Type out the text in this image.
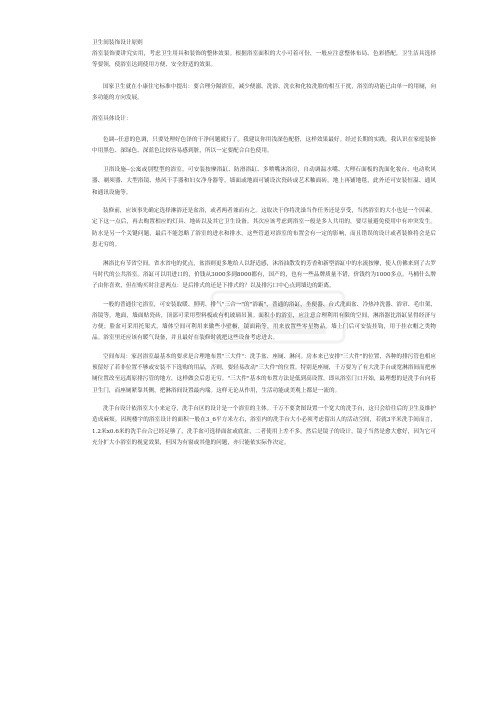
卫生间装饰设计原则

浴室装饰要讲究实用，考虑卫生用具和装饰的整体效果。根据浴室面积的大小可着可份，一般应注意整体布局、色彩搭配。卫生洁具选择等要领，使浴室达到使用方便、安全舒适的效果。

国家卫生就在小康住宅标准中提出：要合理分隔浴室，减少便溺、洗浴、洗衣和化妆洗脸的相互干扰，浴室的功能已由单一的用厕，向多功能的方向发展。

浴室具体设计：

色调--任意的色调，只要处理好色泽的干净问题就行了。我建议你用浅深色配搭，这样效果最好。经过长期的实践，我认识在家庭装修中用黑色、深绿色、深蓝色比较容易感到脏，所以一定要配合白色使用。

卫浴设施--公寓或别墅型的浴室，可安装按摩浴缸、防滑浴缸、多喷嘴沐浴房，自动调温水嘴、大理石面板的洗面化妆台、电动吹风器、剃须器、大型浴镜、热风干手器和妇女净身器等。墙面或地面可铺设次瓷砖或艺术釉面砖，地上再铺地毯，此外还可安装恒温、通风和通讯设施等。

装修前，应该事先确定选择淋浴还是盆浴，或者两者兼而有之。这取决于你将洗澡当作任务还是享受，当然浴室的大小也是一个因素。定下这一点后，再去购置相应的灯具、地砖以及其它卫生设备。其次应该考虑到浴室一般是多人共用的，要尽量避免使用中有冲突发生。防水是另一个关键问题，最后不能忽略了浴室的进水和排水，这些管道对浴室的布置会有一定的影响，而且错误的设计或者装修将会是后患无穷的。

淋浴比有节省空间，省水省电的优点，盆浴则更多地给人以舒适感，沐浴油散发的芳香和新型浴缸中的水流按摩，使人仿佛来到了古罗马时代的公共浴室。浴缸可以用进口的，价钱从3000多到8000都有，国产的，也有一些品牌质量不错，价钱约为1000多点。马桶什么牌子由你喜欢，但在购买时注意两点：是后排式的还是下排式的？以及排污口中心点到墙边的距离。

一般的普通住宅浴室，可安装取暖、照明、排气"三合一"的"浴霸"，普通的浴缸，坐便器、台式洗面盆、冷热冲洗器、浴帘、毛巾架、浴镜等。地面，墙面贴瓷砖，顶部可采用塑料板或有机玻璃吊顶。面积小的浴室，应注意合理利用有限的空间，淋浴器比浴缸显得经济与方便；脸盆可采用托架式，墙体空间可利用来做些小壁橱，镜面箱等，用来放置些零星物品。墙上门后可安装挂钩，用于挂衣帽之类物品。浴室里还应该有暖气设备，并且最好在装修时就把这些设备考虑进去。

空间布局：家居浴室最基本的要求是合理地布置"三大件"：洗手盆、座厕、淋问。房本来已安排"三大件"的位置，各种的排污管也相应预留好了若非位置不够或安装不下选购的用品，否则，要轻易改动"三大件"的位置。特别是座厕，千万要为了有大洗手台或宽淋浴间而把座厕位置改至远离原排污管的地方，这样做会后患无穷。"三大件"基本的布置方法是低到高设置。即从浴室门口开始，最理想的是洗手台向着卫生门，而座厕紧靠其侧，把淋浴间设置最内端。这样无论从作用，生活功能或美观上都是一流的。

洗手台设计依浴室大小来定夺，洗手台区的设计是一个浴室的主体。千万不要贪图设置一个宽大的洗手台，这只会给往后的卫生及维护造成麻烦。因现楼宇的浴室设计的面积一般在3_6平方米左右，浴室内的洗手台大小必须考虑留出人的活动空间，若就3平米洗手间而言，1.2米x0.6米的洗手台合已经足够了，洗手盆可选择面盆或底盆，二者使用上差不多，然后是镜子的设计，镜子当然是愈大愈好，因为它可充分扩大小浴室的视觉效果，但因为有窗或其他的问题，亦只能依实际作决定。
